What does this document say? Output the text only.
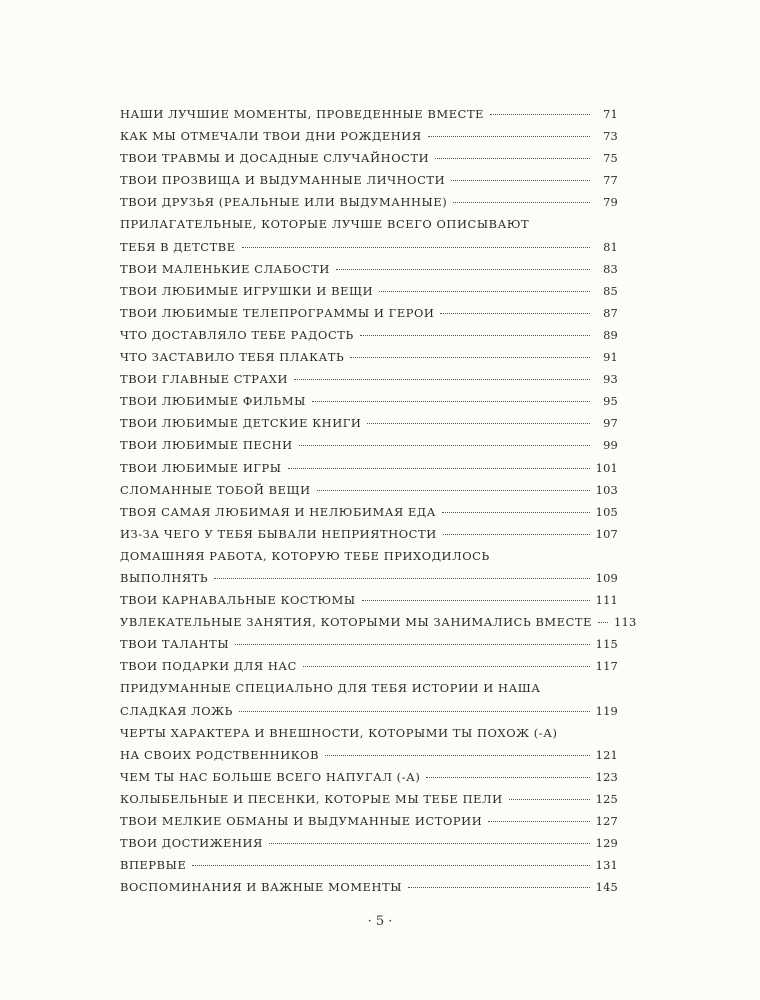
НАШИ ЛУЧШИЕ МОМЕНТЫ, ПРОВЕДЕННЫЕ ВМЕСТЕ	71
КАК МЫ ОТМЕЧАЛИ ТВОИ ДНИ РОЖДЕНИЯ	73
ТВОИ ТРАВМЫ И ДОСАДНЫЕ СЛУЧАЙНОСТИ	75
ТВОИ ПРОЗВИЩА И ВЫДУМАННЫЕ ЛИЧНОСТИ	77
ТВОИ ДРУЗЬЯ (РЕАЛЬНЫЕ ИЛИ ВЫДУМАННЫЕ)	79
ПРИЛАГАТЕЛЬНЫЕ, КОТОРЫЕ ЛУЧШЕ ВСЕГО ОПИСЫВАЮТ
ТЕБЯ В ДЕТСТВЕ	81
ТВОИ МАЛЕНЬКИЕ СЛАБОСТИ	83
ТВОИ ЛЮБИМЫЕ ИГРУШКИ И ВЕЩИ	85
ТВОИ ЛЮБИМЫЕ ТЕЛЕПРОГРАММЫ И ГЕРОИ	87
ЧТО ДОСТАВЛЯЛО ТЕБЕ РАДОСТЬ	89
ЧТО ЗАСТАВИЛО ТЕБЯ ПЛАКАТЬ	91
ТВОИ ГЛАВНЫЕ СТРАХИ	93
ТВОИ ЛЮБИМЫЕ ФИЛЬМЫ	95
ТВОИ ЛЮБИМЫЕ ДЕТСКИЕ КНИГИ	97
ТВОИ ЛЮБИМЫЕ ПЕСНИ	99
ТВОИ ЛЮБИМЫЕ ИГРЫ	101
СЛОМАННЫЕ ТОБОЙ ВЕЩИ	103
ТВОЯ САМАЯ ЛЮБИМАЯ И НЕЛЮБИМАЯ ЕДА	105
ИЗ-ЗА ЧЕГО У ТЕБЯ БЫВАЛИ НЕПРИЯТНОСТИ	107
ДОМАШНЯЯ РАБОТА, КОТОРУЮ ТЕБЕ ПРИХОДИЛОСЬ
ВЫПОЛНЯТЬ	109
ТВОИ КАРНАВАЛЬНЫЕ КОСТЮМЫ	111
УВЛЕКАТЕЛЬНЫЕ ЗАНЯТИЯ, КОТОРЫМИ МЫ ЗАНИМАЛИСЬ ВМЕСТЕ 113
ТВОИ ТАЛАНТЫ	115
ТВОИ ПОДАРКИ ДЛЯ НАС	117
ПРИДУМАННЫЕ СПЕЦИАЛЬНО ДЛЯ ТЕБЯ ИСТОРИИ И НАША
СЛАДКАЯ ЛОЖЬ	119
ЧЕРТЫ ХАРАКТЕРА И ВНЕШНОСТИ, КОТОРЫМИ ТЫ ПОХОЖ (-А)
НА СВОИХ РОДСТВЕННИКОВ	121
ЧЕМ ТЫ НАС БОЛЬШЕ ВСЕГО НАПУГАЛ (-А)	123
КОЛЫБЕЛЬНЫЕ И ПЕСЕНКИ, КОТОРЫЕ МЫ ТЕБЕ ПЕЛИ	125
ТВОИ МЕЛКИЕ ОБМАНЫ И ВЫДУМАННЫЕ ИСТОРИИ	127
ТВОИ ДОСТИЖЕНИЯ	129
ВПЕРВЫЕ	131
ВОСПОМИНАНИЯ И ВАЖНЫЕ МОМЕНТЫ	145
· 5 ·
